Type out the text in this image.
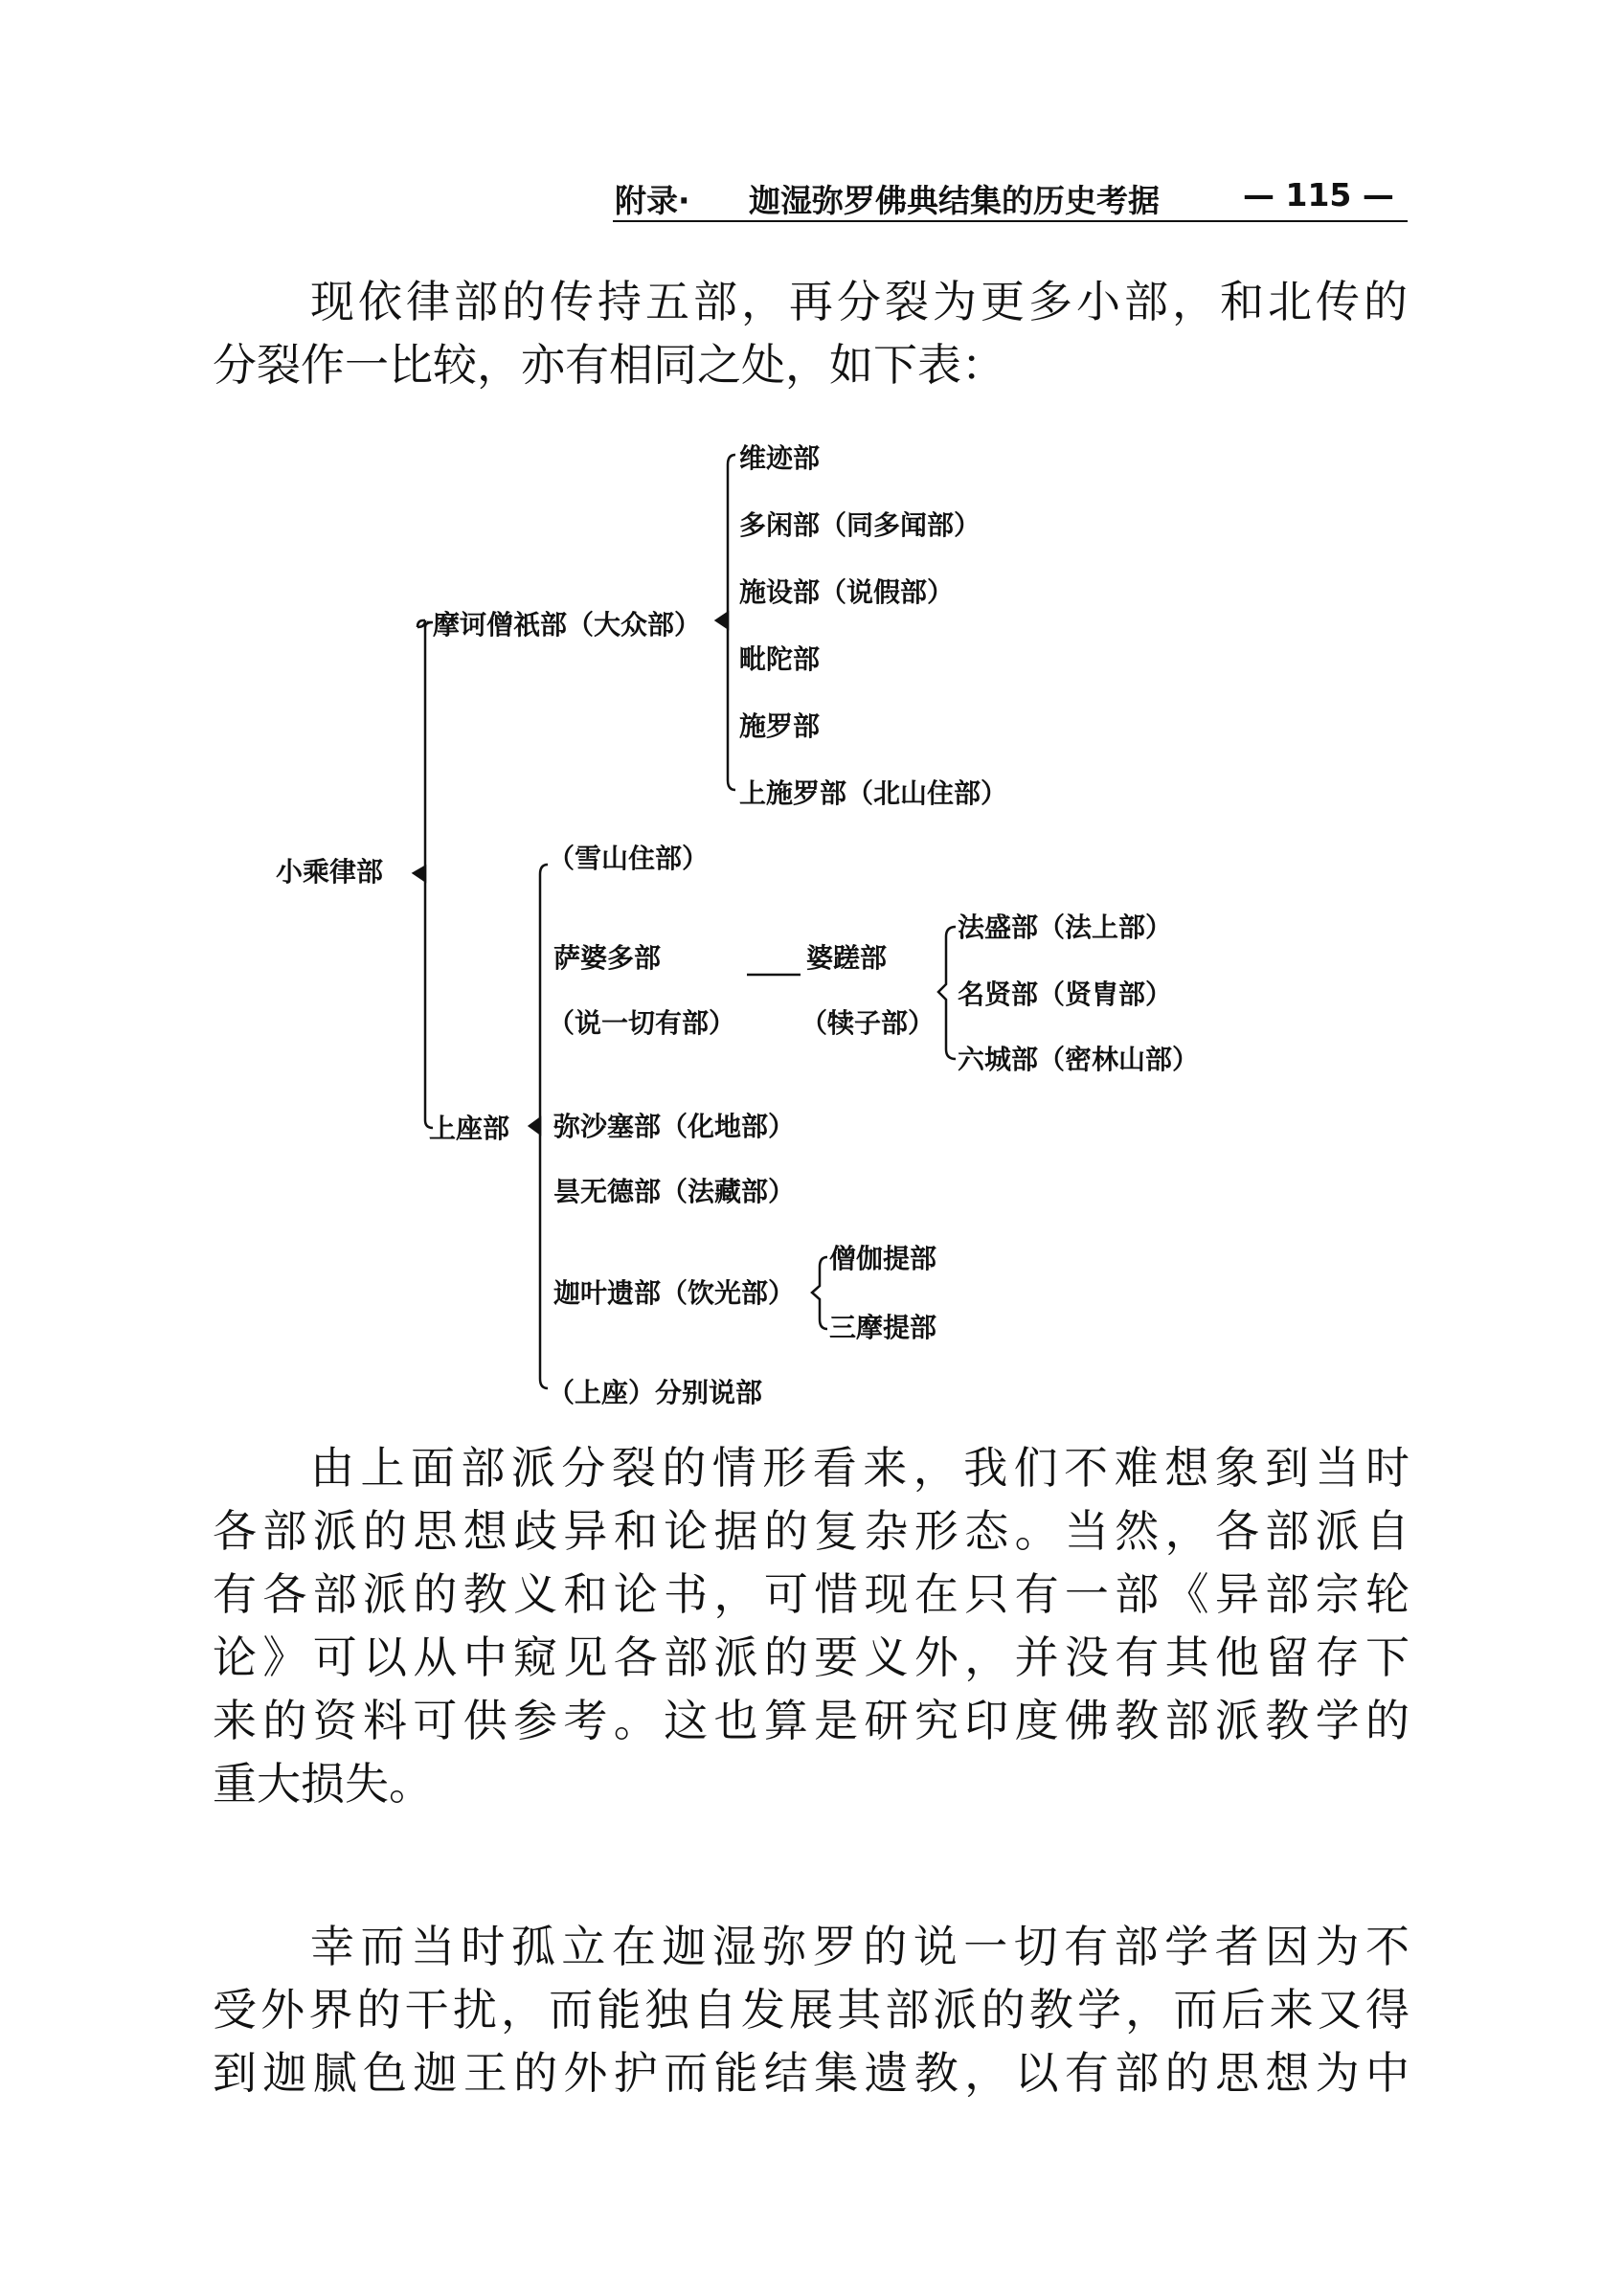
附录· 迦湿弥罗佛典结集的历史考据	— 115 —
现依律部的传持五部，再分裂为更多小部，和北传的
分裂作一比较，亦有相同之处，如下表：
小乘律部
摩诃僧祇部（大众部）
维迹部
多闲部（同多闻部）
施设部（说假部）
毗陀部
施罗部
上施罗部（北山住部）
上座部
（雪山住部）
萨婆多部
（说一切有部）
婆蹉部
（犊子部）
法盛部（法上部）
名贤部（贤胄部）
六城部（密林山部）
弥沙塞部（化地部）
昙无德部（法藏部）
迦叶遗部（饮光部）
僧伽提部
三摩提部
（上座）分别说部
由上面部派分裂的情形看来，我们不难想象到当时
各部派的思想歧异和论据的复杂形态。当然，各部派自
有各部派的教义和论书，可惜现在只有一部《异部宗轮
论》可以从中窥见各部派的要义外，并没有其他留存下
来的资料可供参考。这也算是研究印度佛教部派教学的
重大损失。
幸而当时孤立在迦湿弥罗的说一切有部学者因为不
受外界的干扰，而能独自发展其部派的教学，而后来又得
到迦腻色迦王的外护而能结集遗教，以有部的思想为中
